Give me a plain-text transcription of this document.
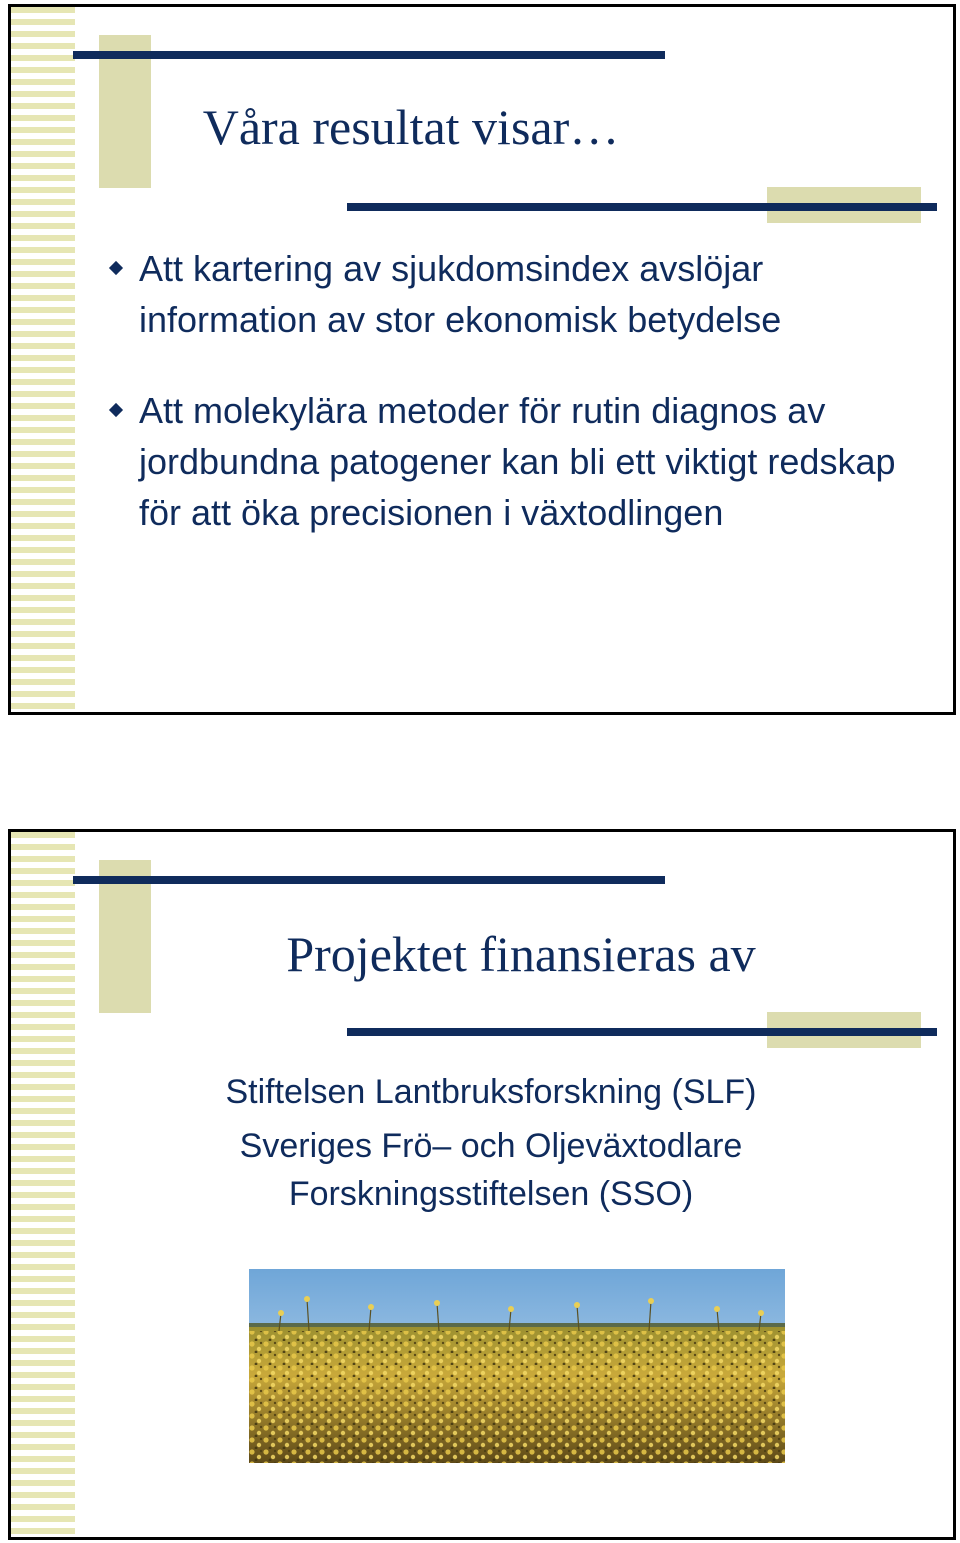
Våra resultat visar…
Att kartering av sjukdomsindex avslöjar information av stor ekonomisk betydelse
Att molekylära metoder för rutin diagnos av jordbundna patogener kan bli ett viktigt redskap för att öka precisionen i växtodlingen
Projektet finansieras av
Stiftelsen Lantbruksforskning (SLF)
Sveriges Frö– och Oljeväxtodlare
Forskningsstiftelsen (SSO)
